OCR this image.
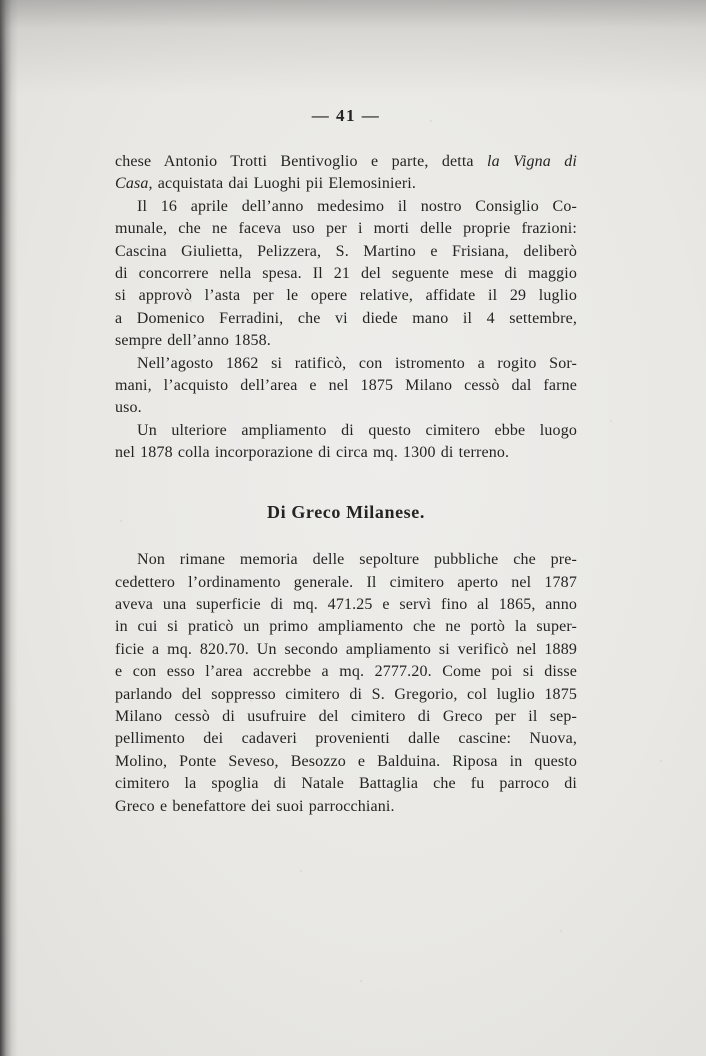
— 41 —
chese Antonio Trotti Bentivoglio e parte, detta la Vigna di
Casa, acquistata dai Luoghi pii Elemosinieri.
Il 16 aprile dell’anno medesimo il nostro Consiglio Co-
munale, che ne faceva uso per i morti delle proprie frazioni:
Cascina Giulietta, Pelizzera, S. Martino e Frisiana, deliberò
di concorrere nella spesa. Il 21 del seguente mese di maggio
si approvò l’asta per le opere relative, affidate il 29 luglio
a Domenico Ferradini, che vi diede mano il 4 settembre,
sempre dell’anno 1858.
Nell’agosto 1862 si ratificò, con istromento a rogito Sor-
mani, l’acquisto dell’area e nel 1875 Milano cessò dal farne
uso.
Un ulteriore ampliamento di questo cimitero ebbe luogo
nel 1878 colla incorporazione di circa mq. 1300 di terreno.
Di Greco Milanese.
Non rimane memoria delle sepolture pubbliche che pre-
cedettero l’ordinamento generale. Il cimitero aperto nel 1787
aveva una superficie di mq. 471.25 e servì fino al 1865, anno
in cui si praticò un primo ampliamento che ne portò la super-
ficie a mq. 820.70. Un secondo ampliamento si verificò nel 1889
e con esso l’area accrebbe a mq. 2777.20. Come poi si disse
parlando del soppresso cimitero di S. Gregorio, col luglio 1875
Milano cessò di usufruire del cimitero di Greco per il sep-
pellimento dei cadaveri provenienti dalle cascine: Nuova,
Molino, Ponte Seveso, Besozzo e Balduina. Riposa in questo
cimitero la spoglia di Natale Battaglia che fu parroco di
Greco e benefattore dei suoi parrocchiani.
